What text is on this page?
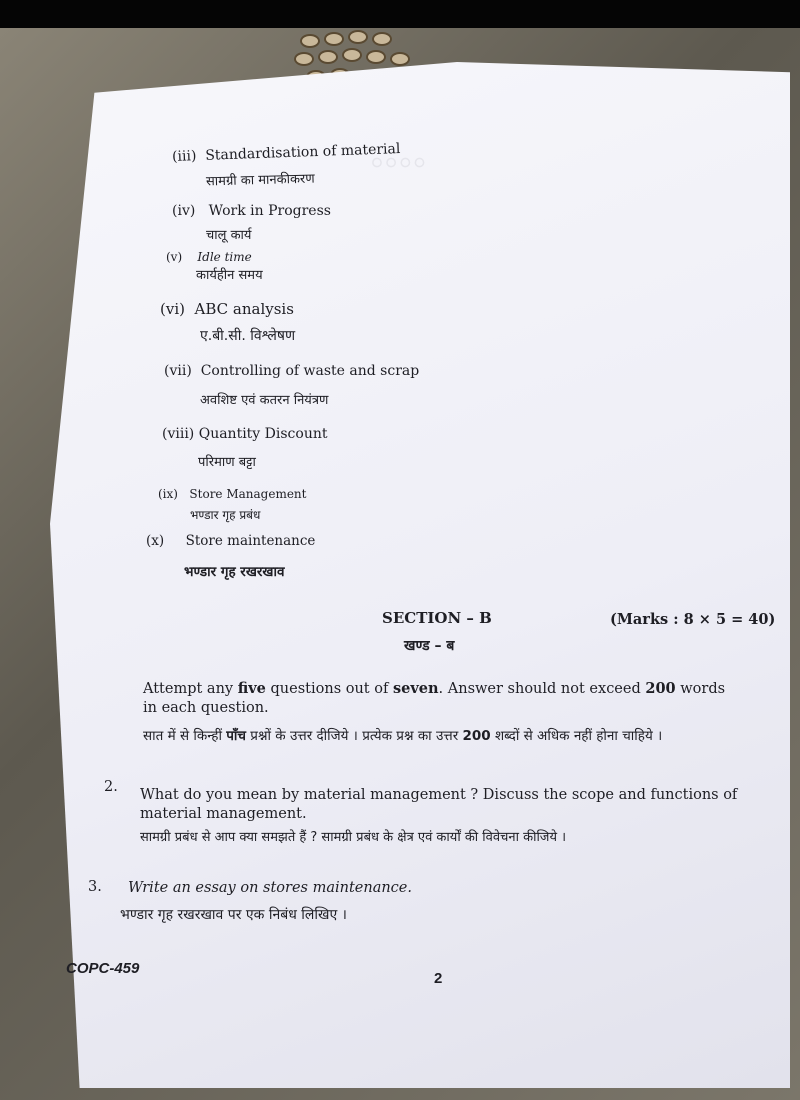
◦◦◦◦
(iii) Standardisation of material
सामग्री का मानकीकरण
(iv) Work in Progress
चालू कार्य
(v) Idle time
कार्यहीन समय
(vi) ABC analysis
ए.बी.सी. विश्लेषण
(vii) Controlling of waste and scrap
अवशिष्ट एवं कतरन नियंत्रण
(viii) Quantity Discount
परिमाण बट्टा
(ix) Store Management
भण्डार गृह प्रबंध
(x) Store maintenance
भण्डार गृह रखरखाव
SECTION – B	(Marks : 8 × 5 = 40)
खण्ड – ब
Attempt any five questions out of seven. Answer should not exceed 200 words in each question.
सात में से किन्हीं पाँच प्रश्नों के उत्तर दीजिये । प्रत्येक प्रश्न का उत्तर 200 शब्दों से अधिक नहीं होना चाहिये ।
2. What do you mean by material management ? Discuss the scope and functions of material management.
सामग्री प्रबंध से आप क्या समझते हैं ? सामग्री प्रबंध के क्षेत्र एवं कार्यों की विवेचना कीजिये ।
3. Write an essay on stores maintenance.
भण्डार गृह रखरखाव पर एक निबंध लिखिए ।
COPC-459
2
